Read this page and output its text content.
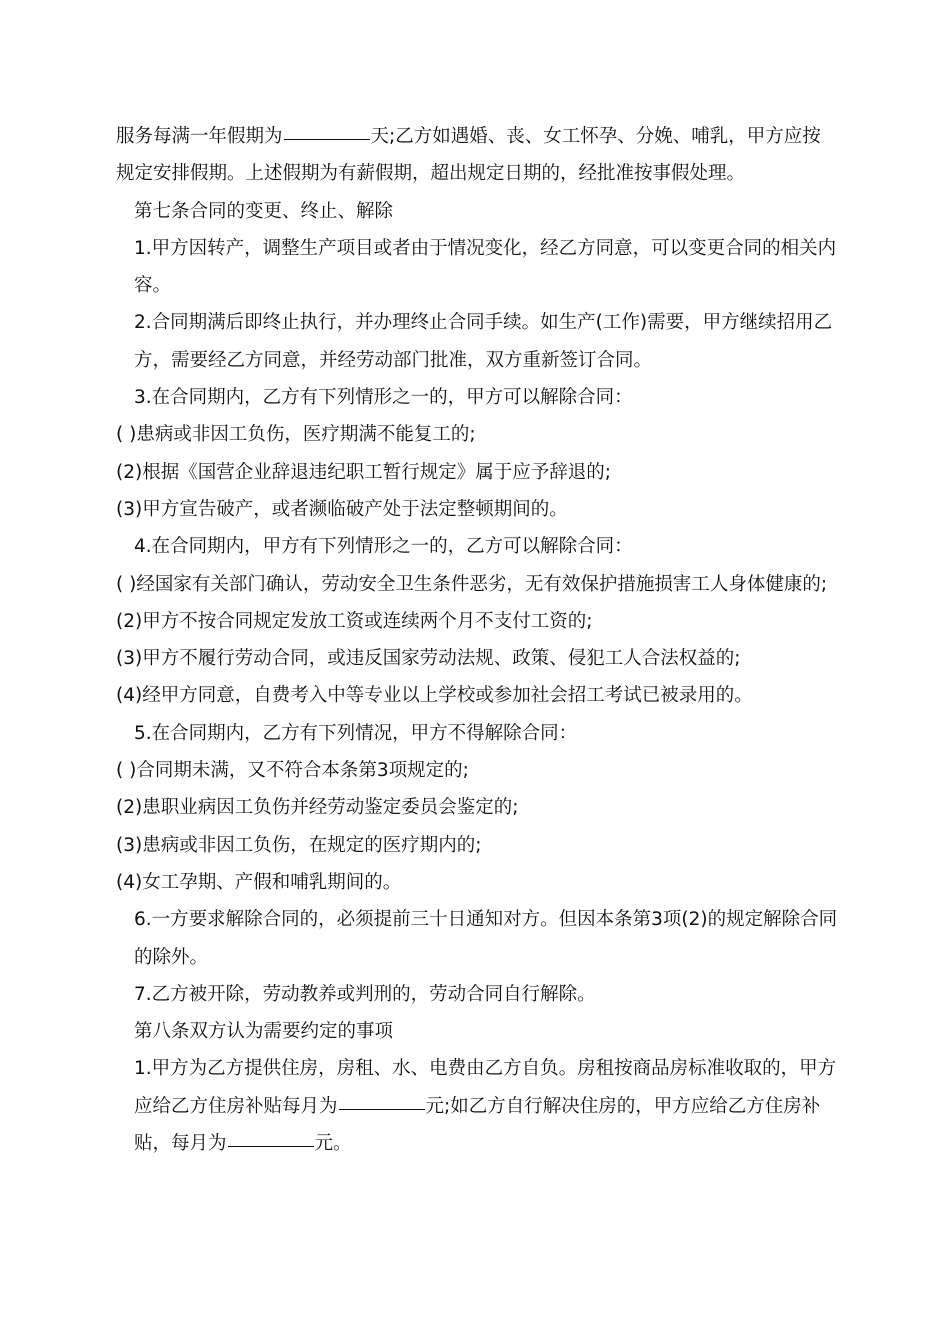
服务每满一年假期为	天;乙方如遇婚、丧、女工怀孕、分娩、哺乳，甲方应按规定安排假期。上述假期为有薪假期，超出规定日期的，经批准按事假处理。

第七条合同的变更、终止、解除

1.甲方因转产，调整生产项目或者由于情况变化，经乙方同意，可以变更合同的相关内容。

2.合同期满后即终止执行，并办理终止合同手续。如生产(工作)需要，甲方继续招用乙方，需要经乙方同意，并经劳动部门批准，双方重新签订合同。

3.在合同期内，乙方有下列情形之一的，甲方可以解除合同：

( )患病或非因工负伤，医疗期满不能复工的;

(2)根据《国营企业辞退违纪职工暂行规定》属于应予辞退的;

(3)甲方宣告破产，或者濒临破产处于法定整顿期间的。

4.在合同期内，甲方有下列情形之一的，乙方可以解除合同：

( )经国家有关部门确认，劳动安全卫生条件恶劣，无有效保护措施损害工人身体健康的;

(2)甲方不按合同规定发放工资或连续两个月不支付工资的;

(3)甲方不履行劳动合同，或违反国家劳动法规、政策、侵犯工人合法权益的;

(4)经甲方同意，自费考入中等专业以上学校或参加社会招工考试已被录用的。

5.在合同期内，乙方有下列情况，甲方不得解除合同：

( )合同期未满，又不符合本条第3项规定的;

(2)患职业病因工负伤并经劳动鉴定委员会鉴定的;

(3)患病或非因工负伤，在规定的医疗期内的;

(4)女工孕期、产假和哺乳期间的。

6.一方要求解除合同的，必须提前三十日通知对方。但因本条第3项(2)的规定解除合同的除外。

7.乙方被开除，劳动教养或判刑的，劳动合同自行解除。

第八条双方认为需要约定的事项

1.甲方为乙方提供住房，房租、水、电费由乙方自负。房租按商品房标准收取的，甲方应给乙方住房补贴每月为	元;如乙方自行解决住房的，甲方应给乙方住房补贴，每月为	元。
